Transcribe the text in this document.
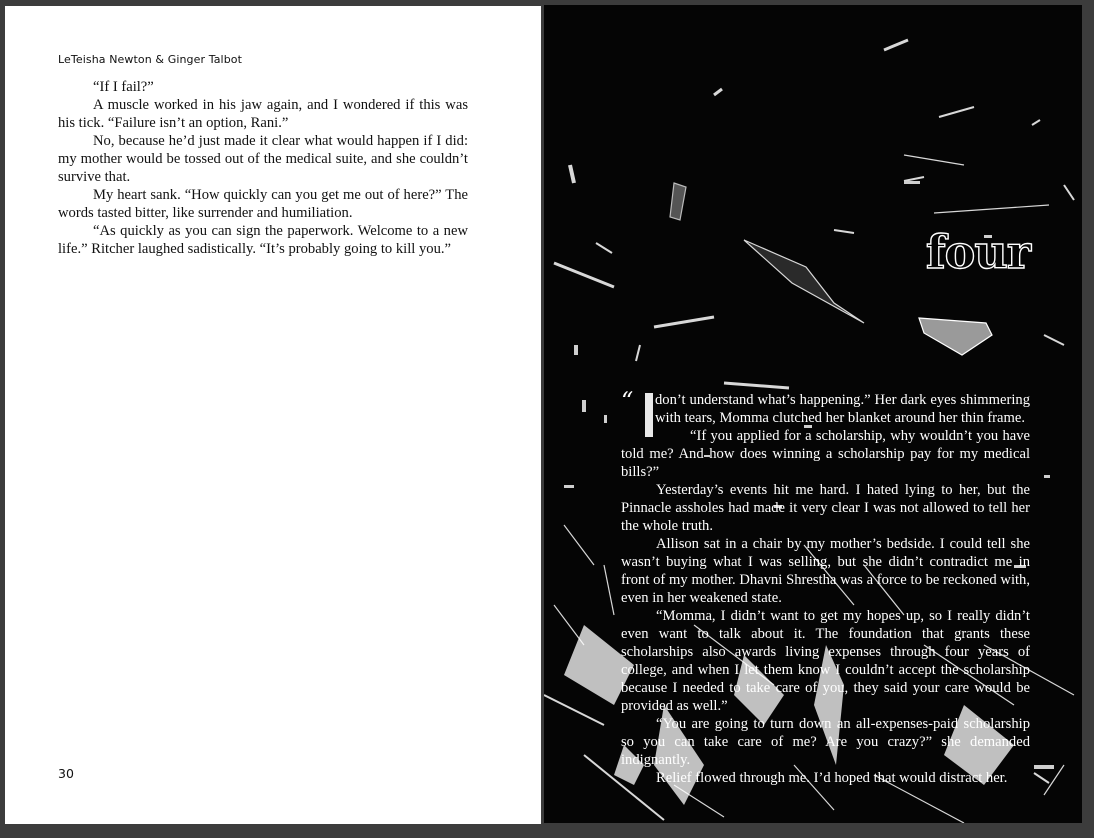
LeTeisha Newton & Ginger Talbot

“If I fail?”

A muscle worked in his jaw again, and I wondered if this was his tick. “Failure isn’t an option, Rani.”

No, because he’d just made it clear what would happen if I did: my mother would be tossed out of the medical suite, and she couldn’t survive that.

My heart sank. “How quickly can you get me out of here?” The words tasted bitter, like surrender and humiliation.

“As quickly as you can sign the paperwork. Welcome to a new life.” Ritcher laughed sadistically. “It’s probably going to kill you.”

30
four

“ don’t understand what’s happening.” Her dark eyes shimmering with tears, Momma clutched her blanket around her thin frame.

“If you applied for a scholarship, why wouldn’t you have told me? And how does winning a scholarship pay for my medical bills?”

Yesterday’s events hit me hard. I hated lying to her, but the Pinnacle assholes had made it very clear I was not allowed to tell her the whole truth.

Allison sat in a chair by my mother’s bedside. I could tell she wasn’t buying what I was selling, but she didn’t contradict me in front of my mother. Dhavni Shrestha was a force to be reckoned with, even in her weakened state.

“Momma, I didn’t want to get my hopes up, so I really didn’t even want to talk about it. The foundation that grants these scholarships also awards living expenses through four years of college, and when I let them know I couldn’t accept the scholarship because I needed to take care of you, they said your care would be provided as well.”

“You are going to turn down an all-expenses-paid scholarship so you can take care of me? Are you crazy?” she demanded indignantly.

Relief flowed through me. I’d hoped that would distract her.
